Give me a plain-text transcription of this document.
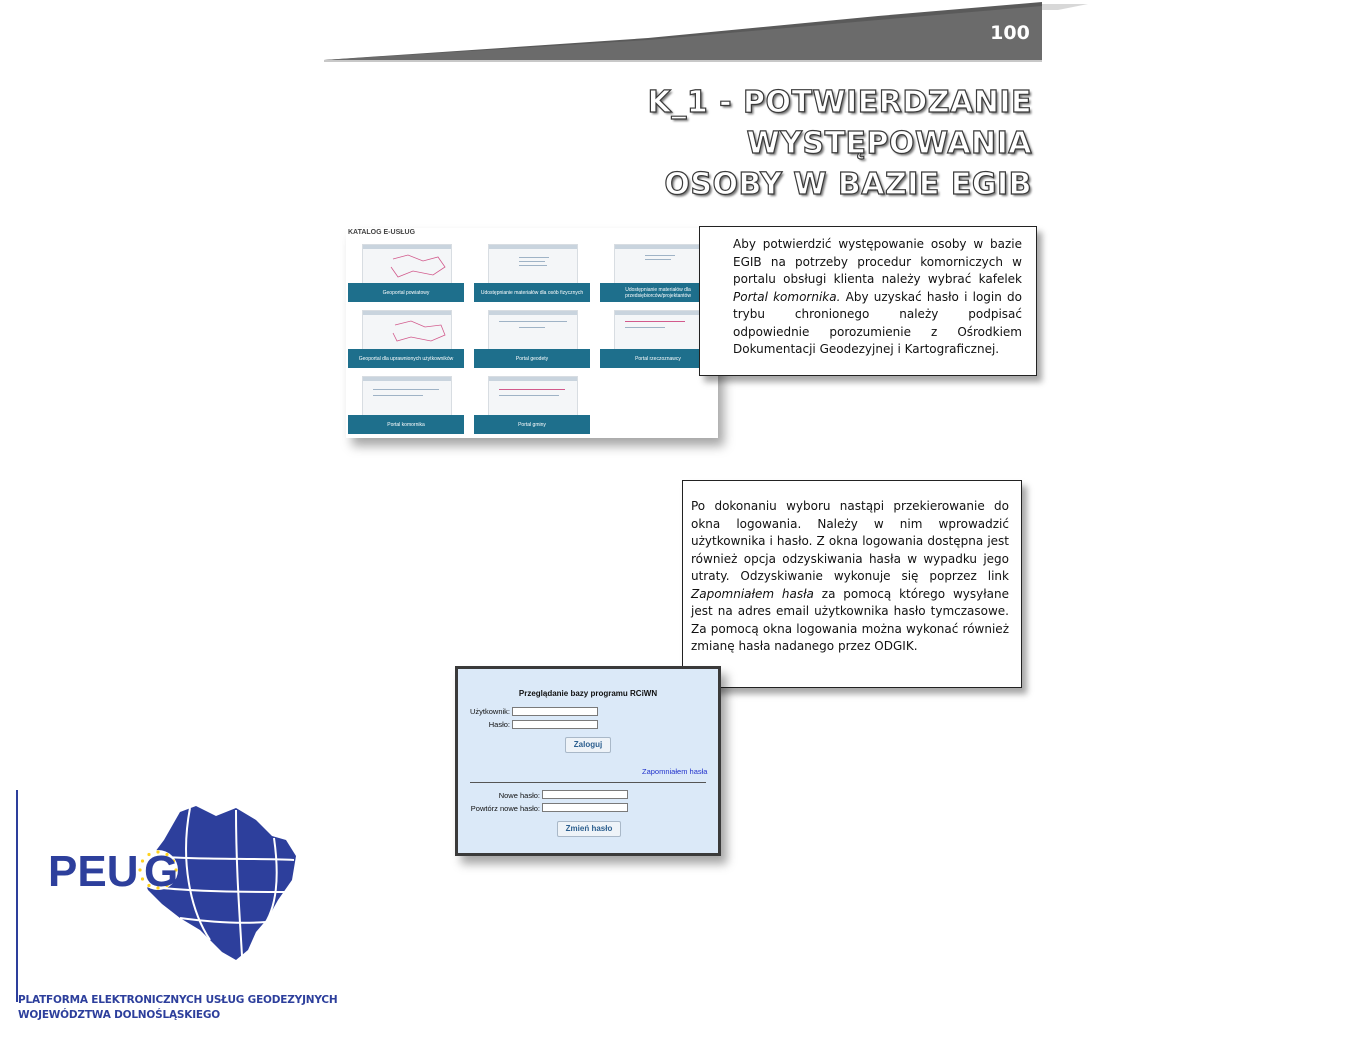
100
K_1 - POTWIERDZANIE WYSTĘPOWANIA
OSOBY W BAZIE EGIB
KATALOG E-USŁUG
Geoportal powiatowy	Udostępnianie materiałów dla osób fizycznych	Udostępnianie materiałów dla przedsiębiorców/projektantów
Geoportal dla uprawnionych użytkowników	Portal geodety	Portal rzeczoznawcy
Portal komornika	Portal gminy
Aby potwierdzić występowanie osoby w bazie EGIB na potrzeby procedur komorniczych w portalu obsługi klienta należy wybrać kafelek Portal komornika. Aby uzyskać hasło i login do trybu chronionego należy podpisać odpowiednie porozumienie z Ośrodkiem Dokumentacji Geodezyjnej i Kartograficznej.
Po dokonaniu wyboru nastąpi przekierowanie do okna logowania. Należy w nim wprowadzić użytkownika i hasło. Z okna logowania dostępna jest również opcja odzyskiwania hasła w wypadku jego utraty. Odzyskiwanie wykonuje się poprzez link Zapomniałem hasła za pomocą którego wysyłane jest na adres email użytkownika hasło tymczasowe. Za pomocą okna logowania można wykonać również zmianę hasła nadanego przez ODGIK.
Przeglądanie bazy programu RCiWN
Użytkownik:
Hasło:
Zaloguj
Zapomniałem hasła
Nowe hasło:
Powtórz nowe hasło:
Zmień hasło
PEU G
PLATFORMA ELEKTRONICZNYCH USŁUG GEODEZYJNYCH
WOJEWÓDZTWA DOLNOŚLĄSKIEGO
